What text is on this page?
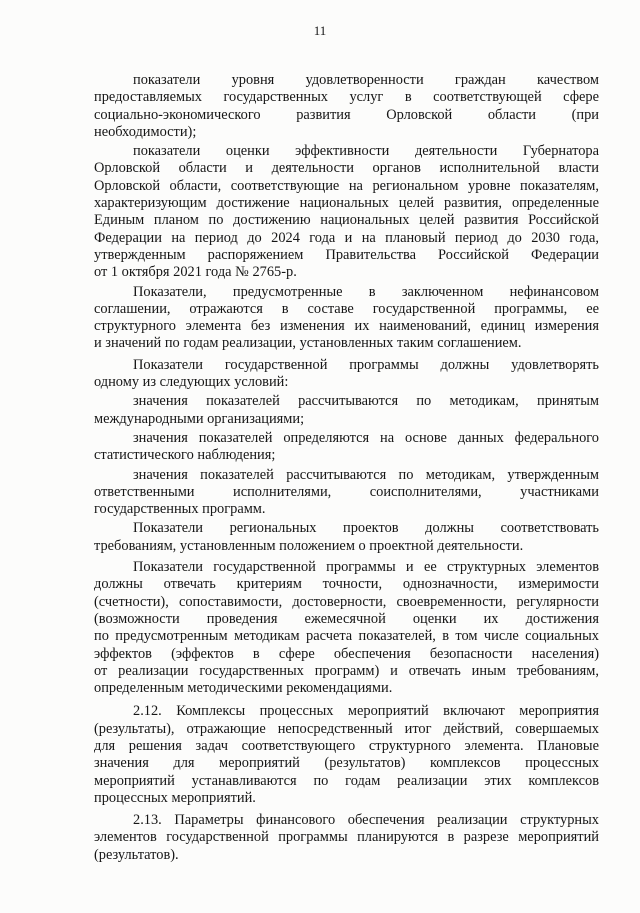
11

показатели уровня удовлетворенности граждан качеством
предоставляемых государственных услуг в соответствующей сфере
социально-экономического развития Орловской области (при
необходимости);

показатели оценки эффективности деятельности Губернатора
Орловской области и деятельности органов исполнительной власти
Орловской области, соответствующие на региональном уровне показателям,
характеризующим достижение национальных целей развития, определенные
Единым планом по достижению национальных целей развития Российской
Федерации на период до 2024 года и на плановый период до 2030 года,
утвержденным распоряжением Правительства Российской Федерации
от 1 октября 2021 года № 2765-р.

Показатели, предусмотренные в заключенном нефинансовом
соглашении, отражаются в составе государственной программы, ее
структурного элемента без изменения их наименований, единиц измерения
и значений по годам реализации, установленных таким соглашением.

Показатели государственной программы должны удовлетворять
одному из следующих условий:

значения показателей рассчитываются по методикам, принятым
международными организациями;

значения показателей определяются на основе данных федерального
статистического наблюдения;

значения показателей рассчитываются по методикам, утвержденным
ответственными исполнителями, соисполнителями, участниками
государственных программ.

Показатели региональных проектов должны соответствовать
требованиям, установленным положением о проектной деятельности.

Показатели государственной программы и ее структурных элементов
должны отвечать критериям точности, однозначности, измеримости
(счетности), сопоставимости, достоверности, своевременности, регулярности
(возможности проведения ежемесячной оценки их достижения
по предусмотренным методикам расчета показателей, в том числе социальных
эффектов (эффектов в сфере обеспечения безопасности населения)
от реализации государственных программ) и отвечать иным требованиям,
определенным методическими рекомендациями.

2.12. Комплексы процессных мероприятий включают мероприятия
(результаты), отражающие непосредственный итог действий, совершаемых
для решения задач соответствующего структурного элемента. Плановые
значения для мероприятий (результатов) комплексов процессных
мероприятий устанавливаются по годам реализации этих комплексов
процессных мероприятий.

2.13. Параметры финансового обеспечения реализации структурных
элементов государственной программы планируются в разрезе мероприятий
(результатов).
